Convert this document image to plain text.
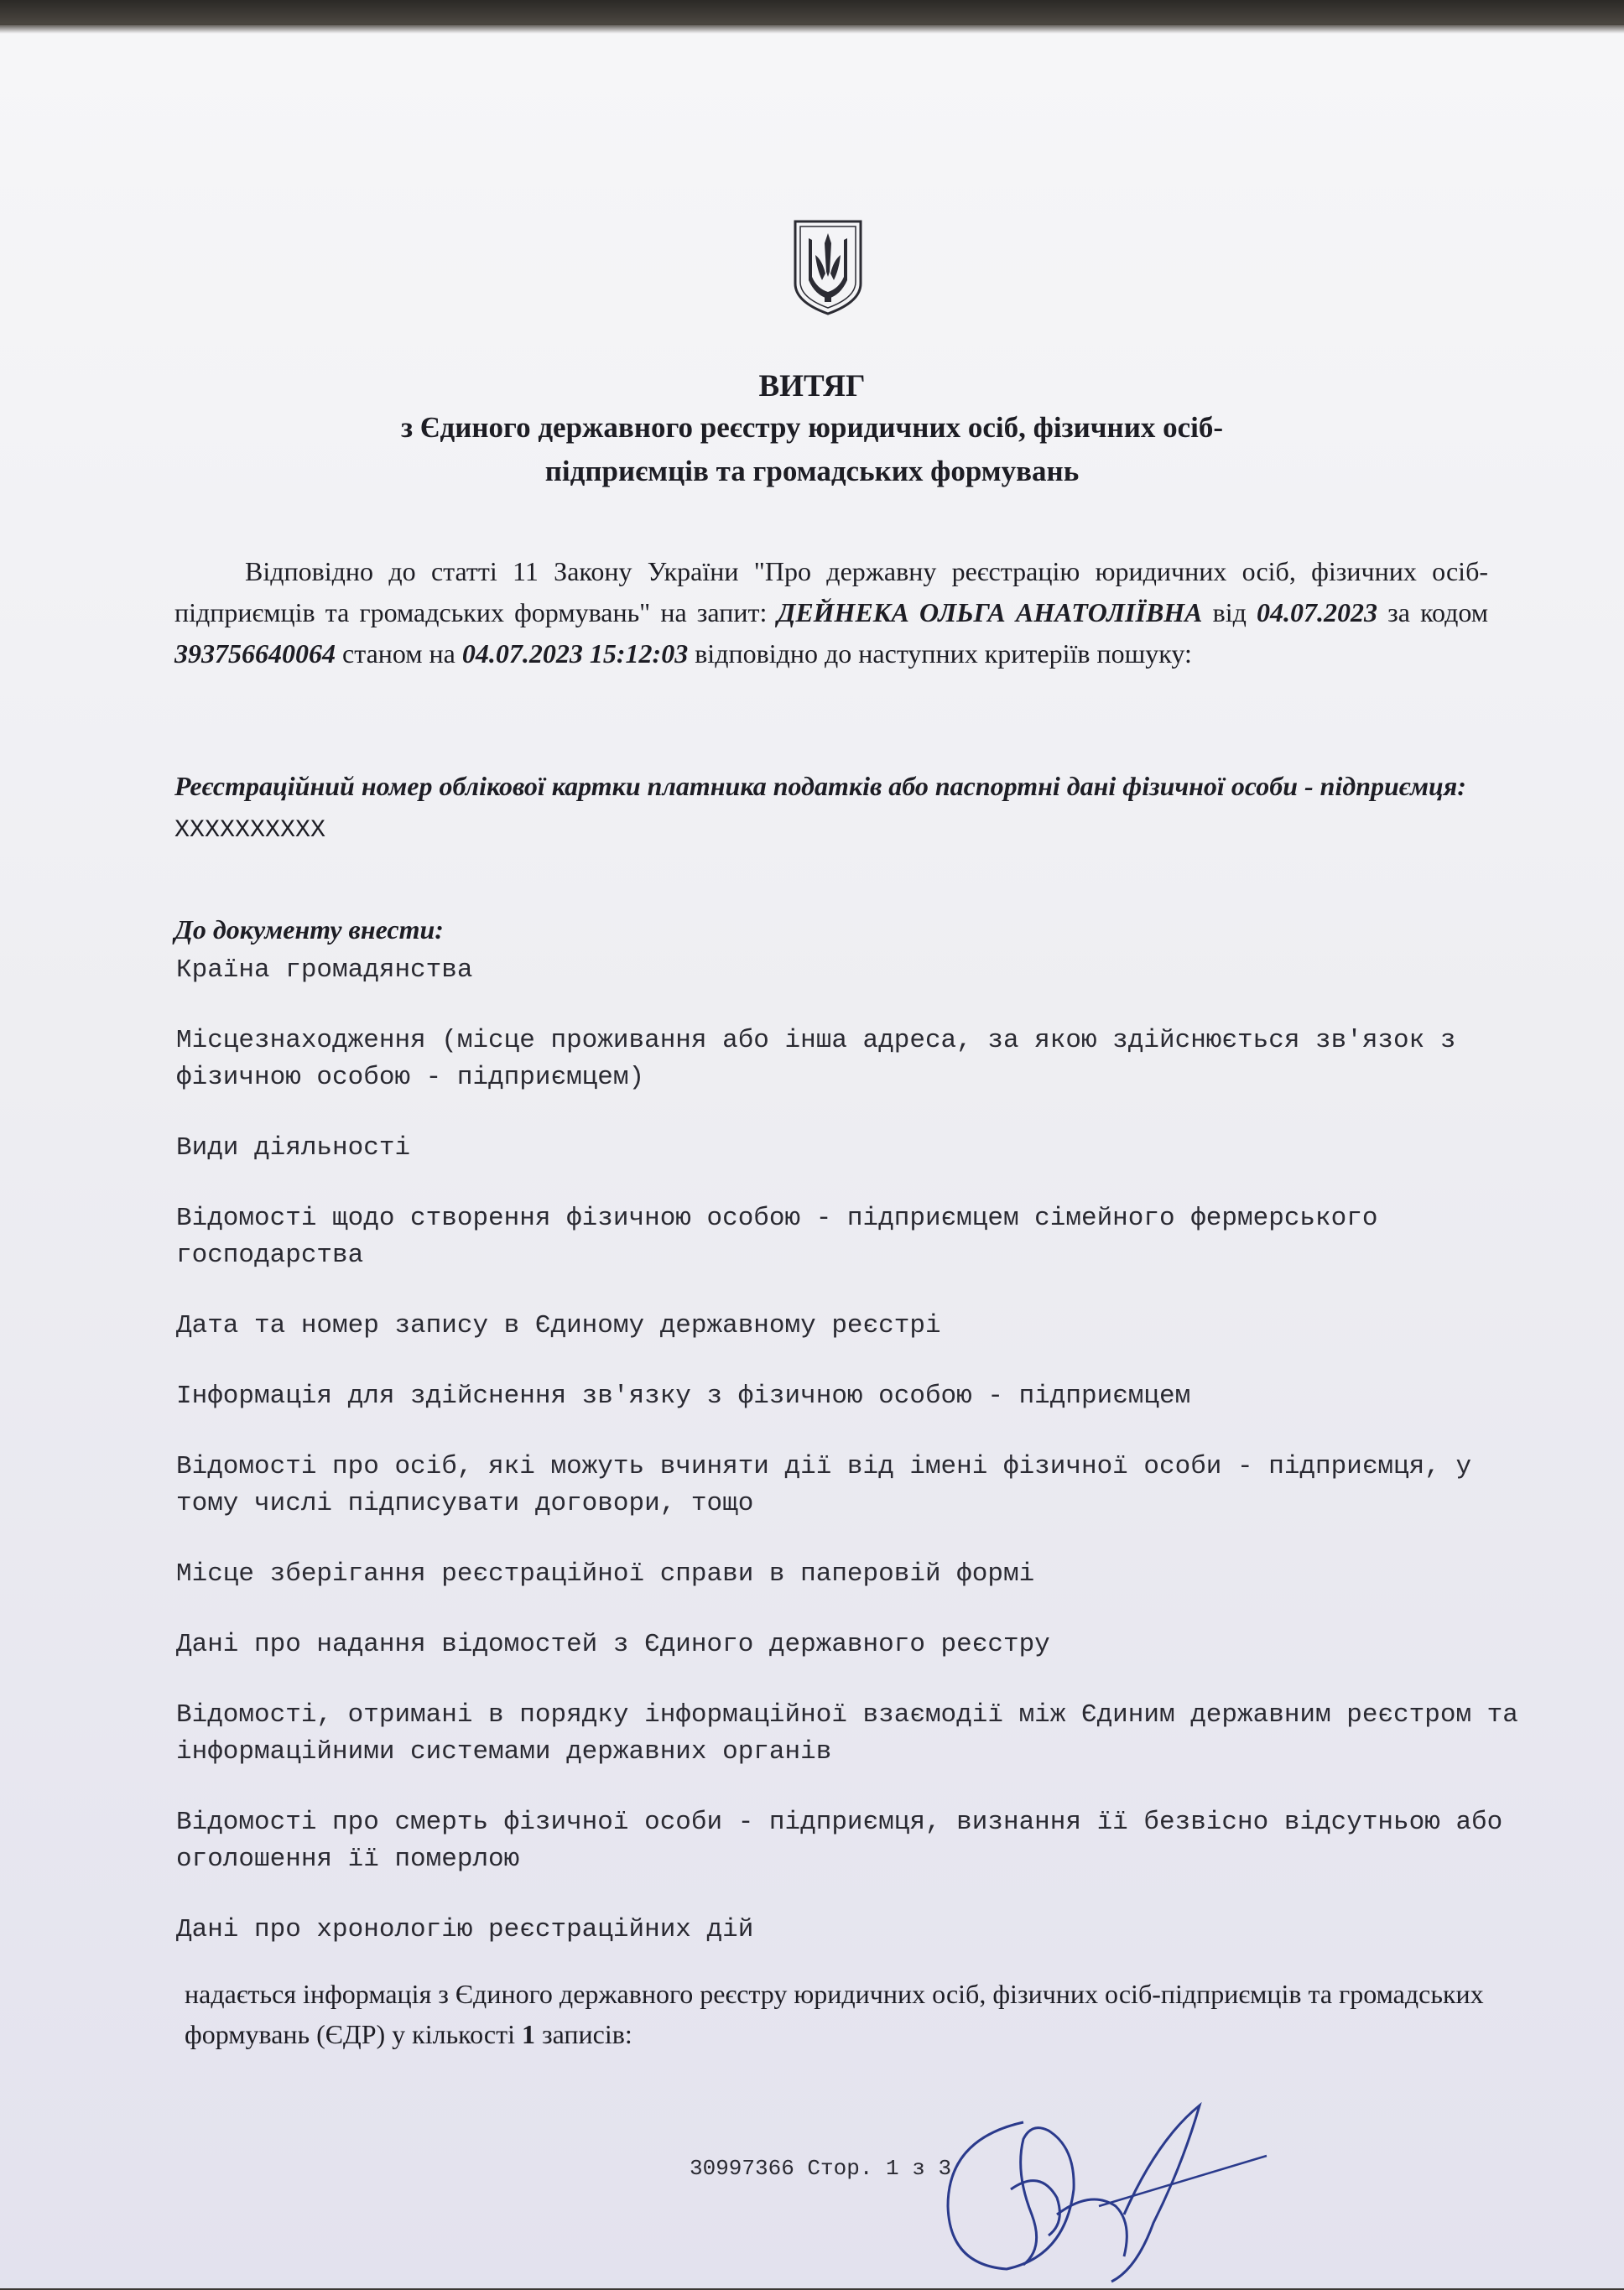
ВИТЯГ
з Єдиного державного реєстру юридичних осіб, фізичних осіб-
підприємців та громадських формувань
Відповідно до статті 11 Закону України "Про державну реєстрацію юридичних осіб, фізичних осіб-підприємців та громадських формувань" на запит: ДЕЙНЕКА ОЛЬГА АНАТОЛІЇВНА від 04.07.2023 за кодом 393756640064 станом на 04.07.2023 15:12:03 відповідно до наступних критеріїв пошуку:
Реєстраційний номер облікової картки платника податків або паспортні дані фізичної особи - підприємця: XXXXXXXXXX
До документу внести:
Країна громадянства
Місцезнаходження (місце проживання або інша адреса, за якою здійснюється зв'язок з фізичною особою - підприємцем)
Види діяльності
Відомості щодо створення фізичною особою - підприємцем сімейного фермерського господарства
Дата та номер запису в Єдиному державному реєстрі
Інформація для здійснення зв'язку з фізичною особою - підприємцем
Відомості про осіб, які можуть вчиняти дії від імені фізичної особи - підприємця, у тому числі підписувати договори, тощо
Місце зберігання реєстраційної справи в паперовій формі
Дані про надання відомостей з Єдиного державного реєстру
Відомості, отримані в порядку інформаційної взаємодії між Єдиним державним реєстром та інформаційними системами державних органів
Відомості про смерть фізичної особи - підприємця, визнання її безвісно відсутньою або оголошення її померлою
Дані про хронологію реєстраційних дій
надається інформація з Єдиного державного реєстру юридичних осіб, фізичних осіб-підприємців та громадських формувань (ЄДР) у кількості 1 записів:
30997366 Стор. 1 з 3
